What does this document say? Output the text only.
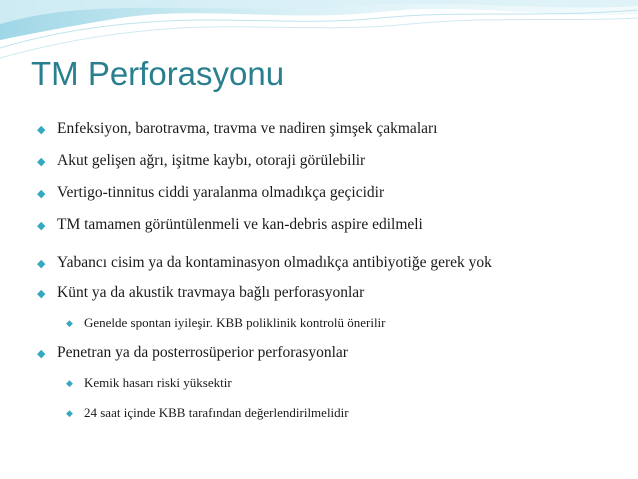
TM Perforasyonu
◆ Enfeksiyon, barotravma, travma ve nadiren şimşek çakmaları
◆ Akut gelişen ağrı, işitme kaybı, otoraji görülebilir
◆ Vertigo-tinnitus ciddi yaralanma olmadıkça geçicidir
◆ TM tamamen görüntülenmeli ve kan-debris aspire edilmeli
◆ Yabancı cisim ya da kontaminasyon olmadıkça antibiyotiğe gerek yok
◆ Künt ya da akustik travmaya bağlı perforasyonlar
◆ Genelde spontan iyileşir. KBB poliklinik kontrolü önerilir
◆ Penetran ya da posterrosüperior perforasyonlar
◆ Kemik hasarı riski yüksektir
◆ 24 saat içinde KBB tarafından değerlendirilmelidir
